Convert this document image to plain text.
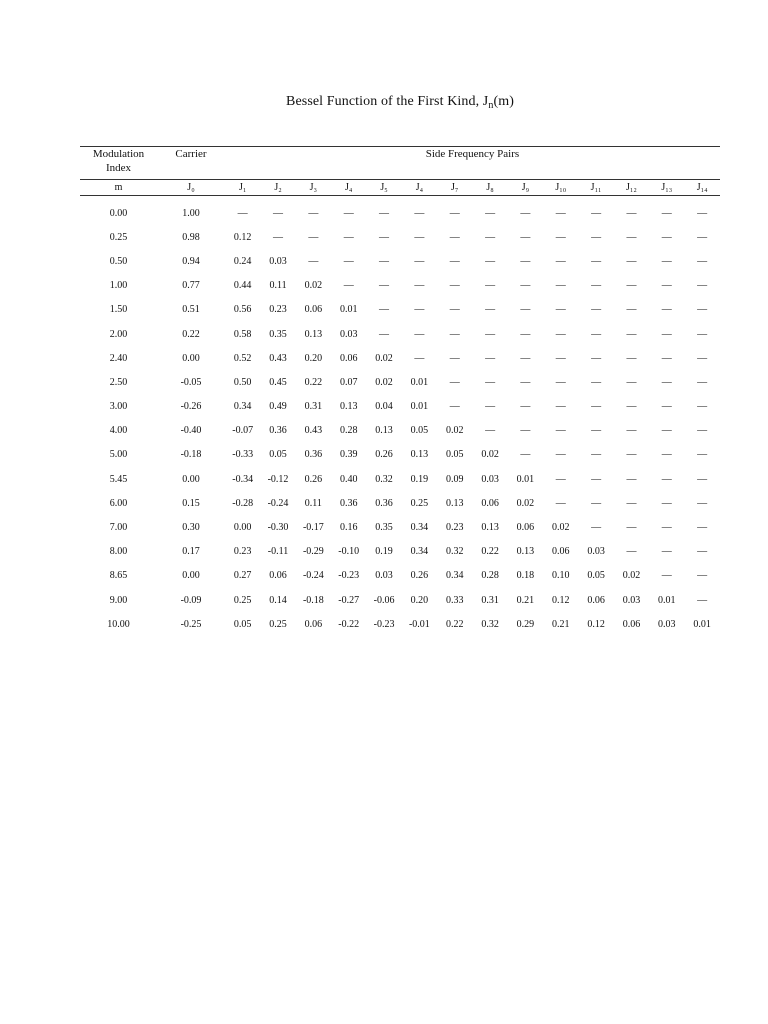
Bessel Function of the First Kind, $J_n(m)$
Modulation
Index	Carrier	Side Frequency Pairs													
m	J₀	J₁	J₂	J₃	J₄	J₅	J₄	J₇	J₈	J₉	J₁₀	J₁₁	J₁₂	J₁₃	J₁₄

0.00	1.00	—	—	—	—	—	—	—	—	—	—	—	—	—	—
0.25	0.98	0.12	—	—	—	—	—	—	—	—	—	—	—	—	—
0.50	0.94	0.24	0.03	—	—	—	—	—	—	—	—	—	—	—	—
1.00	0.77	0.44	0.11	0.02	—	—	—	—	—	—	—	—	—	—	—
1.50	0.51	0.56	0.23	0.06	0.01	—	—	—	—	—	—	—	—	—	—
2.00	0.22	0.58	0.35	0.13	0.03	—	—	—	—	—	—	—	—	—	—
2.40	0.00	0.52	0.43	0.20	0.06	0.02	—	—	—	—	—	—	—	—	—
2.50	-0.05	0.50	0.45	0.22	0.07	0.02	0.01	—	—	—	—	—	—	—	—
3.00	-0.26	0.34	0.49	0.31	0.13	0.04	0.01	—	—	—	—	—	—	—	—
4.00	-0.40	-0.07	0.36	0.43	0.28	0.13	0.05	0.02	—	—	—	—	—	—	—
5.00	-0.18	-0.33	0.05	0.36	0.39	0.26	0.13	0.05	0.02	—	—	—	—	—	—
5.45	0.00	-0.34	-0.12	0.26	0.40	0.32	0.19	0.09	0.03	0.01	—	—	—	—	—
6.00	0.15	-0.28	-0.24	0.11	0.36	0.36	0.25	0.13	0.06	0.02	—	—	—	—	—
7.00	0.30	0.00	-0.30	-0.17	0.16	0.35	0.34	0.23	0.13	0.06	0.02	—	—	—	—
8.00	0.17	0.23	-0.11	-0.29	-0.10	0.19	0.34	0.32	0.22	0.13	0.06	0.03	—	—	—
8.65	0.00	0.27	0.06	-0.24	-0.23	0.03	0.26	0.34	0.28	0.18	0.10	0.05	0.02	—	—
9.00	-0.09	0.25	0.14	-0.18	-0.27	-0.06	0.20	0.33	0.31	0.21	0.12	0.06	0.03	0.01	—
10.00	-0.25	0.05	0.25	0.06	-0.22	-0.23	-0.01	0.22	0.32	0.29	0.21	0.12	0.06	0.03	0.01
